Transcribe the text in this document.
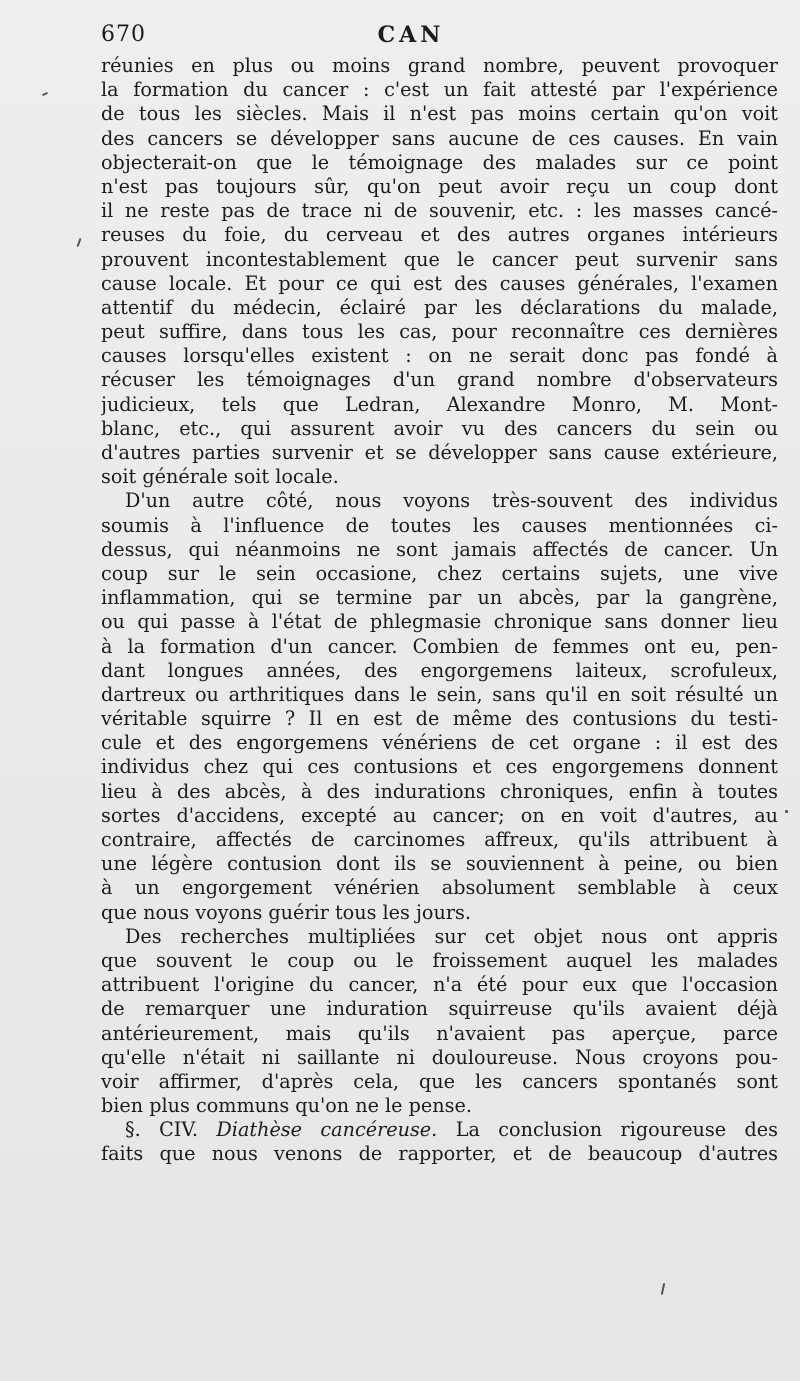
670	CAN
réunies en plus ou moins grand nombre, peuvent provoquer
la formation du cancer : c'est un fait attesté par l'expérience
de tous les siècles. Mais il n'est pas moins certain qu'on voit
des cancers se développer sans aucune de ces causes. En vain
objecterait-on que le témoignage des malades sur ce point
n'est pas toujours sûr, qu'on peut avoir reçu un coup dont
il ne reste pas de trace ni de souvenir, etc. : les masses cancé-
reuses du foie, du cerveau et des autres organes intérieurs
prouvent incontestablement que le cancer peut survenir sans
cause locale. Et pour ce qui est des causes générales, l'examen
attentif du médecin, éclairé par les déclarations du malade,
peut suffire, dans tous les cas, pour reconnaître ces dernières
causes lorsqu'elles existent : on ne serait donc pas fondé à
récuser les témoignages d'un grand nombre d'observateurs
judicieux, tels que Ledran, Alexandre Monro, M. Mont-
blanc, etc., qui assurent avoir vu des cancers du sein ou
d'autres parties survenir et se développer sans cause extérieure,
soit générale soit locale.
D'un autre côté, nous voyons très-souvent des individus
soumis à l'influence de toutes les causes mentionnées ci-
dessus, qui néanmoins ne sont jamais affectés de cancer. Un
coup sur le sein occasione, chez certains sujets, une vive
inflammation, qui se termine par un abcès, par la gangrène,
ou qui passe à l'état de phlegmasie chronique sans donner lieu
à la formation d'un cancer. Combien de femmes ont eu, pen-
dant longues années, des engorgemens laiteux, scrofuleux,
dartreux ou arthritiques dans le sein, sans qu'il en soit résulté un
véritable squirre ? Il en est de même des contusions du testi-
cule et des engorgemens vénériens de cet organe : il est des
individus chez qui ces contusions et ces engorgemens donnent
lieu à des abcès, à des indurations chroniques, enfin à toutes
sortes d'accidens, excepté au cancer; on en voit d'autres, au
contraire, affectés de carcinomes affreux, qu'ils attribuent à
une légère contusion dont ils se souviennent à peine, ou bien
à un engorgement vénérien absolument semblable à ceux
que nous voyons guérir tous les jours.
Des recherches multipliées sur cet objet nous ont appris
que souvent le coup ou le froissement auquel les malades
attribuent l'origine du cancer, n'a été pour eux que l'occasion
de remarquer une induration squirreuse qu'ils avaient déjà
antérieurement, mais qu'ils n'avaient pas aperçue, parce
qu'elle n'était ni saillante ni douloureuse. Nous croyons pou-
voir affirmer, d'après cela, que les cancers spontanés sont
bien plus communs qu'on ne le pense.
§. CIV. Diathèse cancéreuse. La conclusion rigoureuse des
faits que nous venons de rapporter, et de beaucoup d'autres
